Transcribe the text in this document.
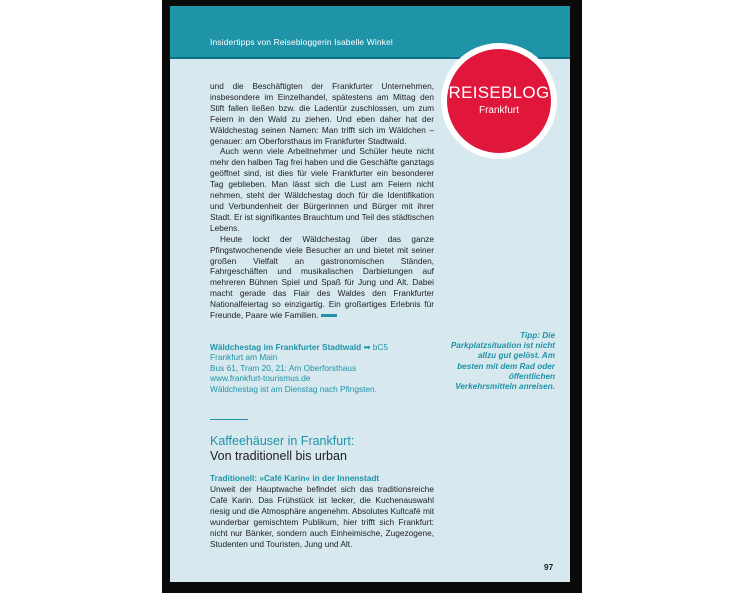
Insidertipps von Reisebloggerin Isabelle Winkel
REISEBLOG
Frankfurt

und die Beschäftigten der Frankfurter Unternehmen, insbesondere im Einzelhandel, spätestens am Mittag den Stift fallen ließen bzw. die Ladentür zuschlossen, um zum Feiern in den Wald zu ziehen. Und eben daher hat der Wäldchestag seinen Namen: Man trifft sich im Wäldchen – genauer: am Oberforsthaus im Frankfurter Stadtwald.

Auch wenn viele Arbeitnehmer und Schüler heute nicht mehr den halben Tag frei haben und die Geschäfte ganztags geöffnet sind, ist dies für viele Frankfurter ein besonderer Tag geblieben. Man lässt sich die Lust am Feiern nicht nehmen, steht der Wäldchestag doch für die Identifikation und Verbundenheit der Bürgerinnen und Bürger mit ihrer Stadt. Er ist signifikantes Brauchtum und Teil des städtischen Lebens.

Heute lockt der Wäldchestag über das ganze Pfingstwochenende viele Besucher an und bietet mit seiner großen Vielfalt an gastronomischen Ständen, Fahrgeschäften und musikalischen Darbietungen auf mehreren Bühnen Spiel und Spaß für Jung und Alt. Dabei macht gerade das Flair des Waldes den Frankfurter Nationalfeiertag so einzigartig. Ein großartiges Erlebnis für Freunde, Paare wie Familien.

Wäldchestag im Frankfurter Stadtwald ➡ bC5
Frankfurt am Main
Bus 61, Tram 20, 21: Am Oberforsthaus
www.frankfurt-tourismus.de
Wäldchestag ist am Dienstag nach Pfingsten.
Tipp: Die Parkplatzsituation ist nicht allzu gut gelöst. Am besten mit dem Rad oder öffentlichen Verkehrsmitteln anreisen.
Kaffeehäuser in Frankfurt:
Von traditionell bis urban
Traditionell: »Café Karin« in der Innenstadt
Unweit der Hauptwache befindet sich das traditionsreiche Café Karin. Das Frühstück ist lecker, die Kuchenauswahl riesig und die Atmosphäre angenehm. Absolutes Kultcafé mit wunderbar gemischtem Publikum, hier trifft sich Frankfurt: nicht nur Bänker, sondern auch Einheimische, Zugezogene, Studenten und Touristen, Jung und Alt.
97
